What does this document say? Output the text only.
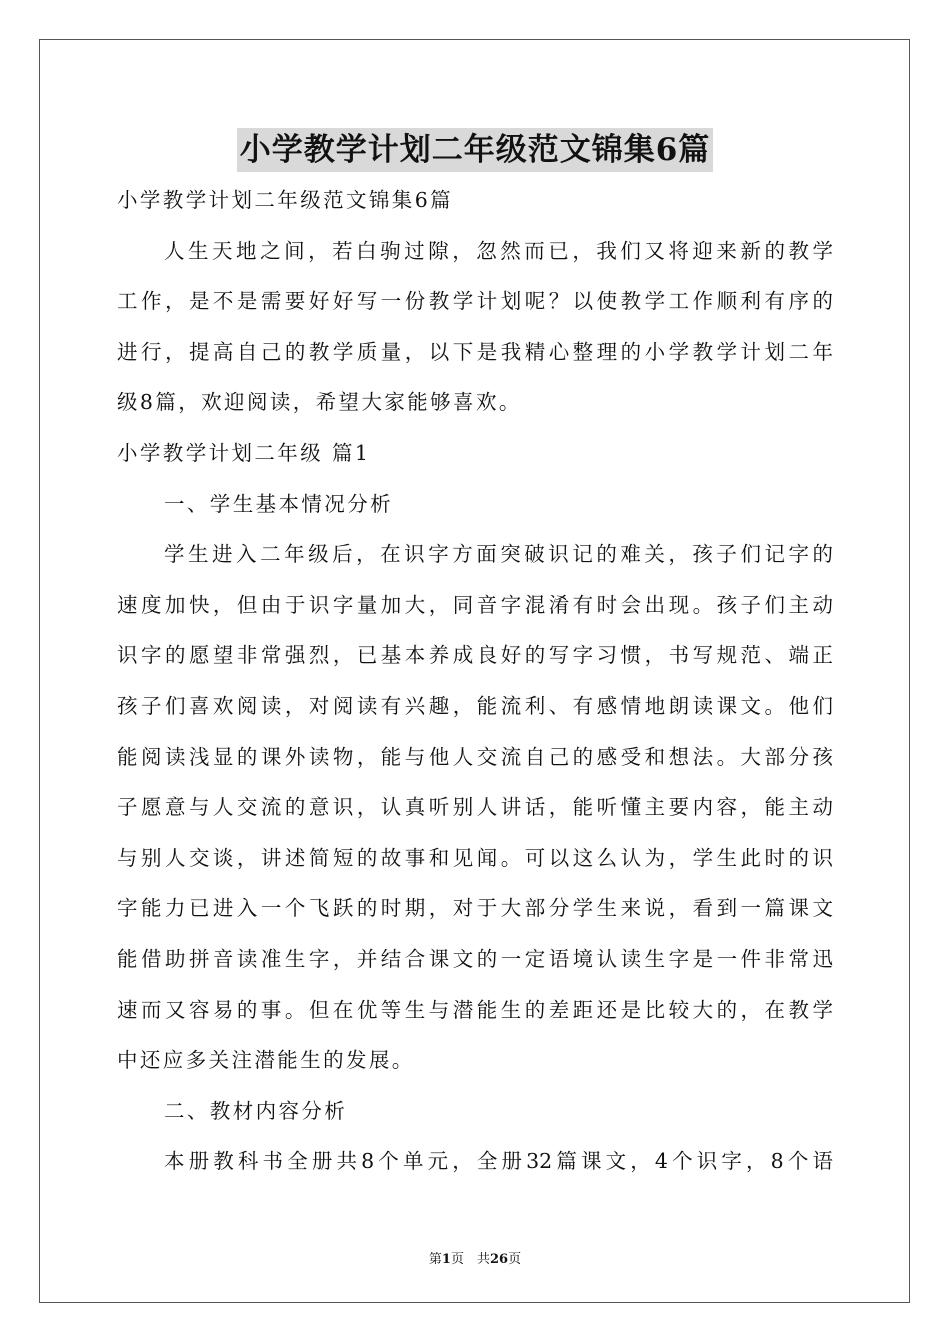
小学教学计划二年级范文锦集6篇
小学教学计划二年级范文锦集6篇
人生天地之间，若白驹过隙，忽然而已，我们又将迎来新的教学
工作，是不是需要好好写一份教学计划呢？以使教学工作顺利有序的
进行，提高自己的教学质量，以下是我精心整理的小学教学计划二年
级8篇，欢迎阅读，希望大家能够喜欢。
小学教学计划二年级 篇1
一、学生基本情况分析
学生进入二年级后，在识字方面突破识记的难关，孩子们记字的
速度加快，但由于识字量加大，同音字混淆有时会出现。孩子们主动
识字的愿望非常强烈，已基本养成良好的写字习惯，书写规范、端正
孩子们喜欢阅读，对阅读有兴趣，能流利、有感情地朗读课文。他们
能阅读浅显的课外读物，能与他人交流自己的感受和想法。大部分孩
子愿意与人交流的意识，认真听别人讲话，能听懂主要内容，能主动
与别人交谈，讲述简短的故事和见闻。可以这么认为，学生此时的识
字能力已进入一个飞跃的时期，对于大部分学生来说，看到一篇课文
能借助拼音读准生字，并结合课文的一定语境认读生字是一件非常迅
速而又容易的事。但在优等生与潜能生的差距还是比较大的，在教学
中还应多关注潜能生的发展。
二、教材内容分析
本册教科书全册共8个单元，全册32篇课文，4个识字，8个语
第1页　共26页
